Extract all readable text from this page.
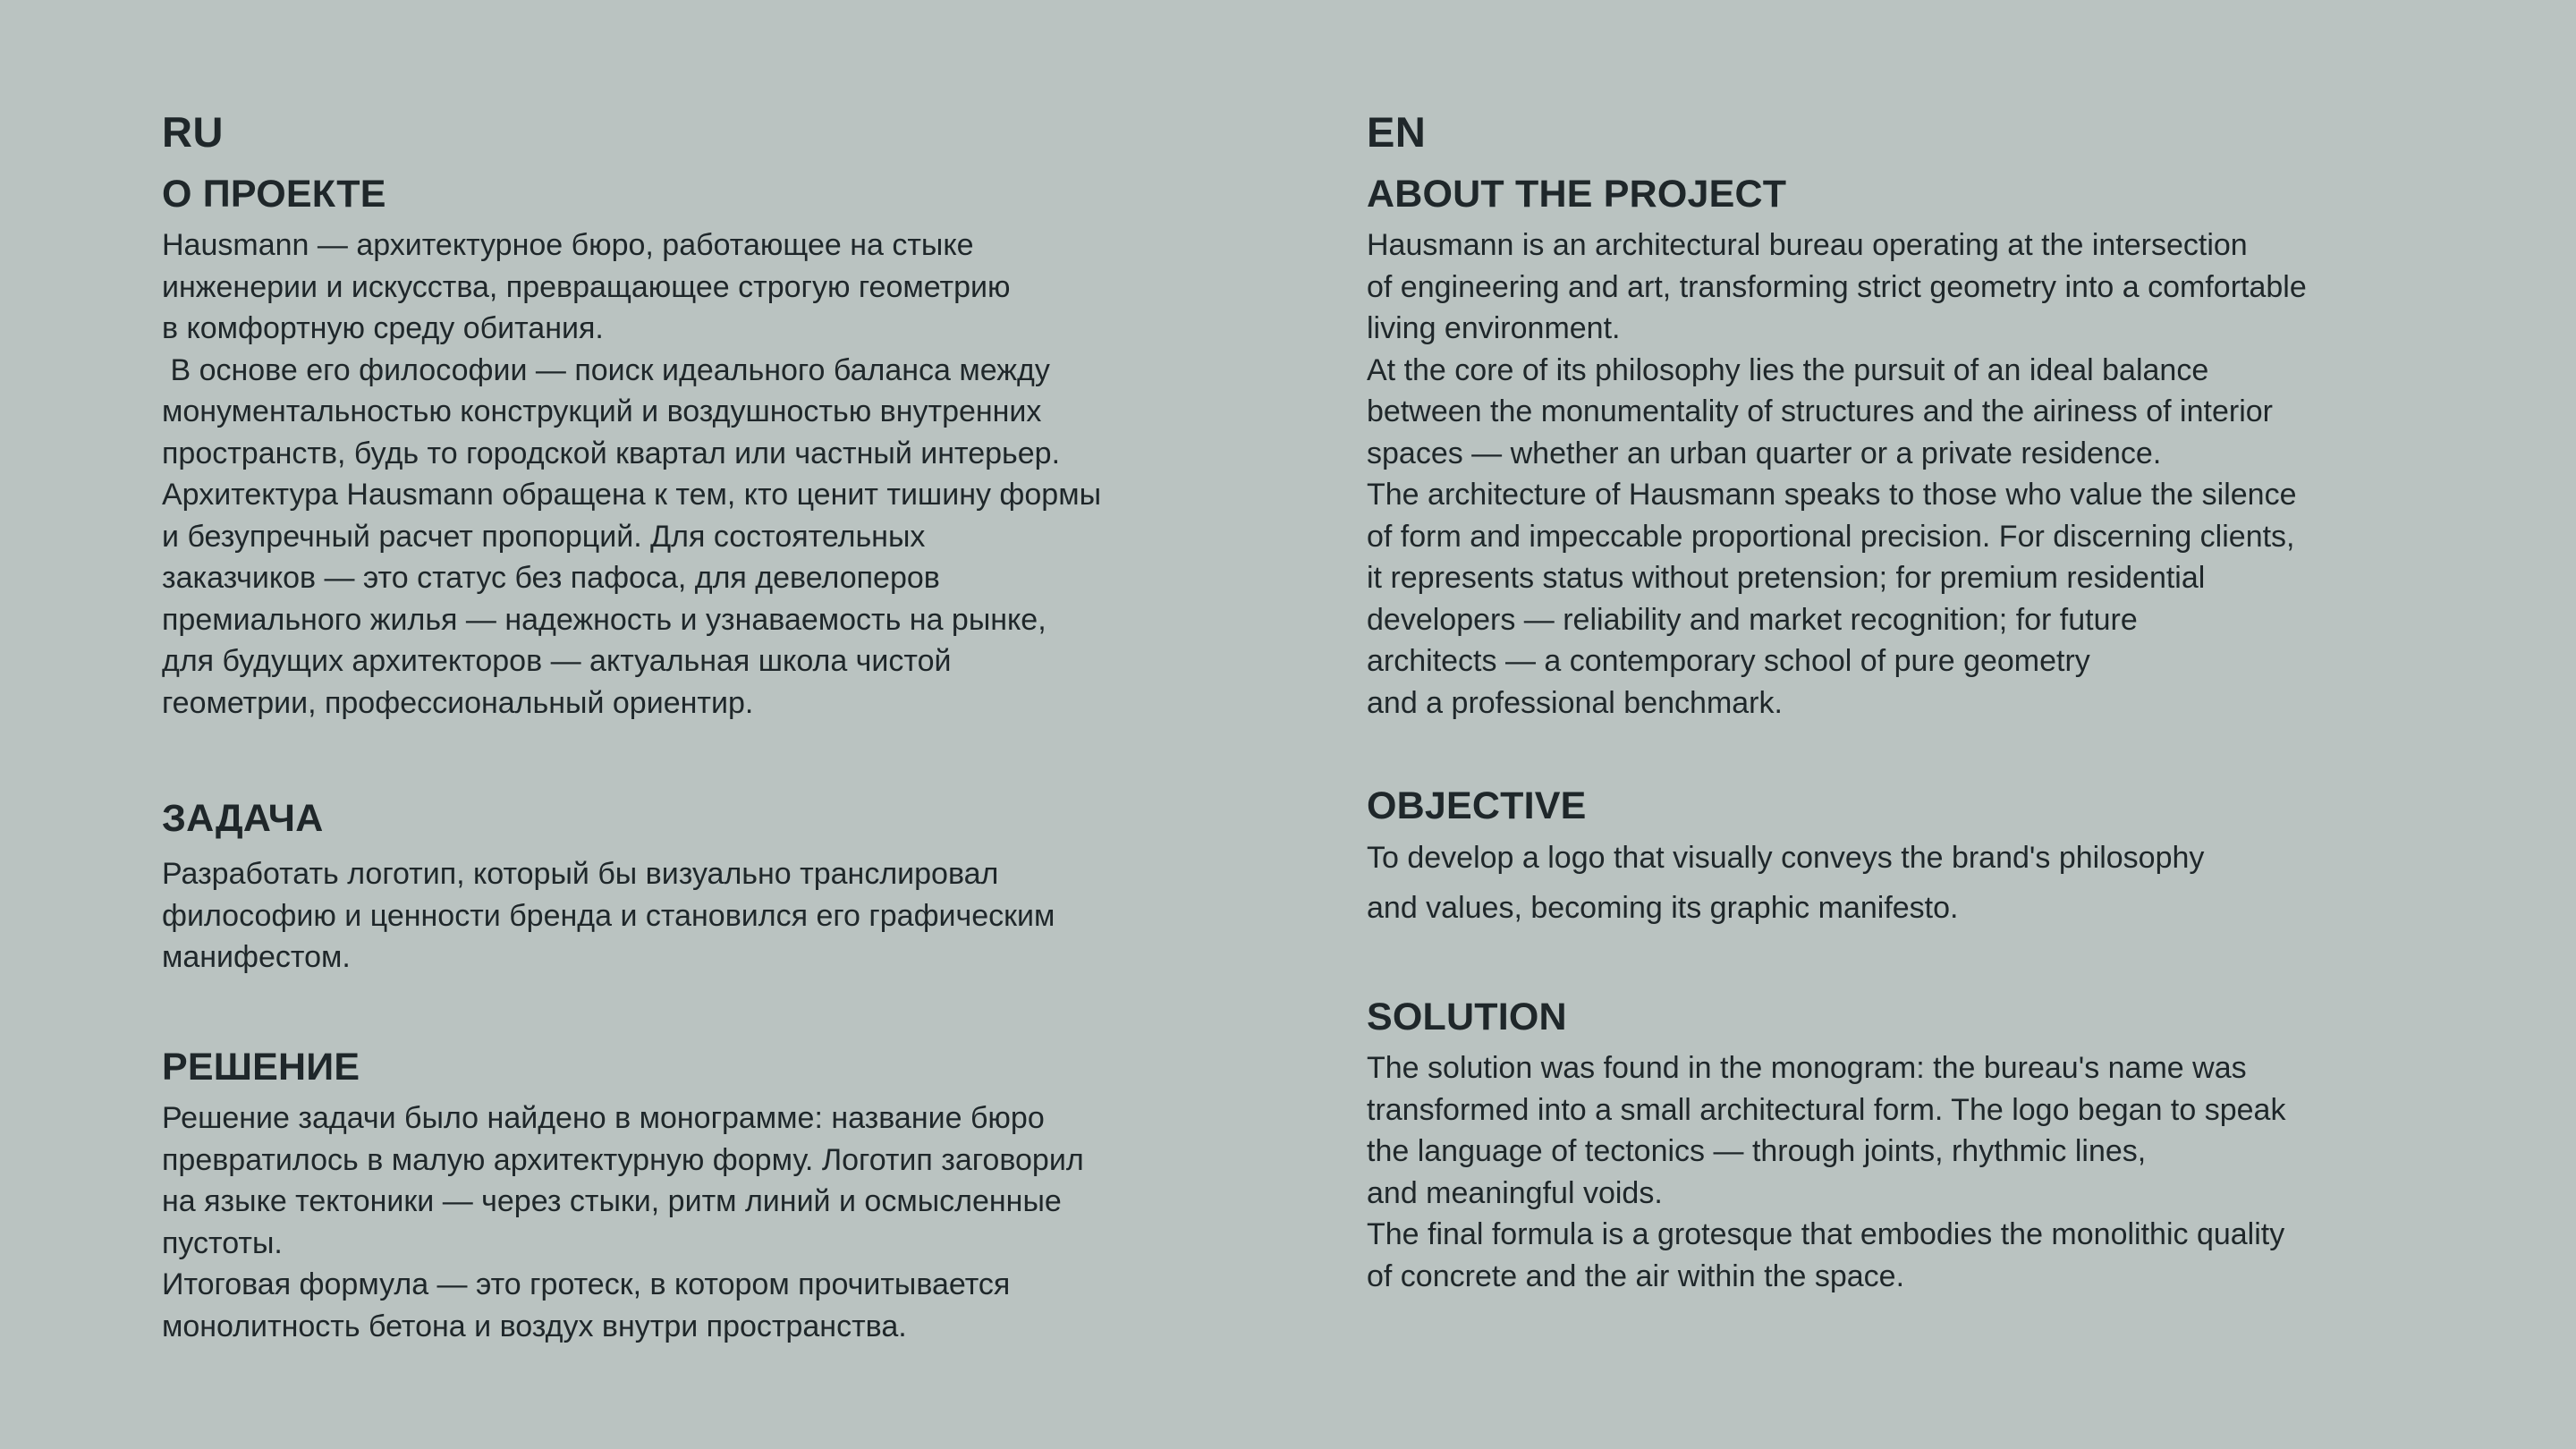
RU
О ПРОЕКТЕ
Hausmann — архитектурное бюро, работающее на стыке
инженерии и искусства, превращающее строгую геометрию
в комфортную среду обитания.
В основе его философии — поиск идеального баланса между
монументальностью конструкций и воздушностью внутренних
пространств, будь то городской квартал или частный интерьер.
Архитектура Hausmann обращена к тем, кто ценит тишину формы
и безупречный расчет пропорций. Для состоятельных
заказчиков — это статус без пафоса, для девелоперов
премиального жилья — надежность и узнаваемость на рынке,
для будущих архитекторов — актуальная школа чистой
геометрии, профессиональный ориентир.
ЗАДАЧА
Разработать логотип, который бы визуально транслировал
философию и ценности бренда и становился его графическим
манифестом.
РЕШЕНИЕ
Решение задачи было найдено в монограмме: название бюро
превратилось в малую архитектурную форму. Логотип заговорил
на языке тектоники — через стыки, ритм линий и осмысленные
пустоты.
Итоговая формула — это гротеск, в котором прочитывается
монолитность бетона и воздух внутри пространства.
EN
ABOUT THE PROJECT
Hausmann is an architectural bureau operating at the intersection
of engineering and art, transforming strict geometry into a comfortable
living environment.
At the core of its philosophy lies the pursuit of an ideal balance
between the monumentality of structures and the airiness of interior
spaces — whether an urban quarter or a private residence.
The architecture of Hausmann speaks to those who value the silence
of form and impeccable proportional precision. For discerning clients,
it represents status without pretension; for premium residential
developers — reliability and market recognition; for future
architects — a contemporary school of pure geometry
and a professional benchmark.
OBJECTIVE
To develop a logo that visually conveys the brand's philosophy
and values, becoming its graphic manifesto.
SOLUTION
The solution was found in the monogram: the bureau's name was
transformed into a small architectural form. The logo began to speak
the language of tectonics — through joints, rhythmic lines,
and meaningful voids.
The final formula is a grotesque that embodies the monolithic quality
of concrete and the air within the space.
